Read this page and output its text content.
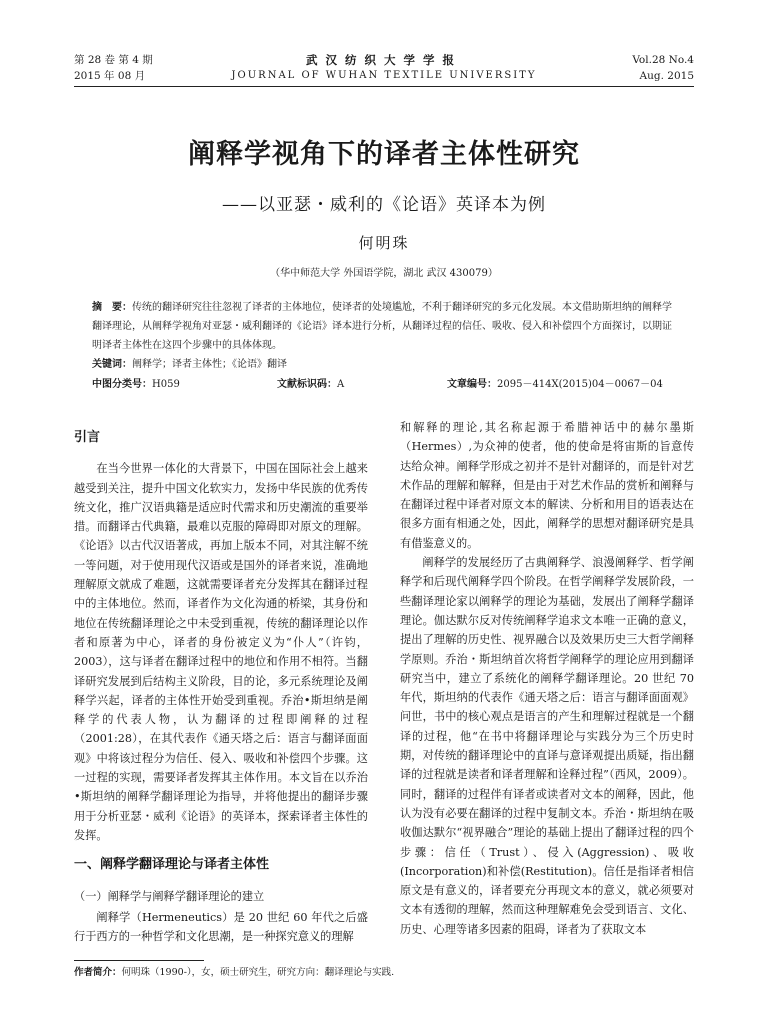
第 28 卷 第 4 期
2015 年 08 月
武汉纺织大学学报
JOURNAL OF WUHAN TEXTILE UNIVERSITY
Vol.28 No.4
Aug. 2015
阐释学视角下的译者主体性研究
——以亚瑟・威利的《论语》英译本为例
何明珠
（华中师范大学 外国语学院，湖北 武汉 430079）
摘　要：传统的翻译研究往往忽视了译者的主体地位，使译者的处境尴尬，不利于翻译研究的多元化发展。本文借助斯坦纳的阐释学翻译理论，从阐释学视角对亚瑟・威利翻译的《论语》译本进行分析，从翻译过程的信任、吸收、侵入和补偿四个方面探讨，以期证明译者主体性在这四个步骤中的具体体现。
关键词：阐释学；译者主体性；《论语》翻译
中图分类号：H059	文献标识码：A	文章编号：2095－414X(2015)04－0067－04
引言

在当今世界一体化的大背景下，中国在国际社会上越来越受到关注，提升中国文化软实力，发扬中华民族的优秀传统文化，推广汉语典籍是适应时代需求和历史潮流的重要举措。而翻译古代典籍，最难以克服的障碍即对原文的理解。《论语》以古代汉语著成，再加上版本不同，对其注解不统一等问题，对于使用现代汉语或是国外的译者来说，准确地理解原文就成了难题，这就需要译者充分发挥其在翻译过程中的主体地位。然而，译者作为文化沟通的桥梁，其身份和地位在传统翻译理论之中未受到重视，传统的翻译理论以作者和原著为中心，译者的身份被定义为“仆人”（许钧，2003），这与译者在翻译过程中的地位和作用不相符。当翻译研究发展到后结构主义阶段，目的论，多元系统理论及阐释学兴起，译者的主体性开始受到重视。乔治•斯坦纳是阐释学的代表人物，认为翻译的过程即阐释的过程（2001:28），在其代表作《通天塔之后：语言与翻译面面观》中将该过程分为信任、侵入、吸收和补偿四个步骤。这一过程的实现，需要译者发挥其主体作用。本文旨在以乔治•斯坦纳的阐释学翻译理论为指导，并将他提出的翻译步骤用于分析亚瑟・威利《论语》的英译本，探索译者主体性的发挥。

一、阐释学翻译理论与译者主体性
（一）阐释学与阐释学翻译理论的建立

阐释学（Hermeneutics）是 20 世纪 60 年代之后盛行于西方的一种哲学和文化思潮，是一种探究意义的理解

和解释的理论,其名称起源于希腊神话中的赫尔墨斯（Hermes）,为众神的使者，他的使命是将宙斯的旨意传达给众神。阐释学形成之初并不是针对翻译的，而是针对艺术作品的理解和解释，但是由于对艺术作品的赏析和阐释与在翻译过程中译者对原文本的解读、分析和用目的语表达在很多方面有相通之处，因此，阐释学的思想对翻译研究是具有借鉴意义的。

阐释学的发展经历了古典阐释学、浪漫阐释学、哲学阐释学和后现代阐释学四个阶段。在哲学阐释学发展阶段，一些翻译理论家以阐释学的理论为基础，发展出了阐释学翻译理论。伽达默尔反对传统阐释学追求文本唯一正确的意义，提出了理解的历史性、视界融合以及效果历史三大哲学阐释学原则。乔治・斯坦纳首次将哲学阐释学的理论应用到翻译研究当中，建立了系统化的阐释学翻译理论。20 世纪 70 年代，斯坦纳的代表作《通天塔之后：语言与翻译面面观》问世，书中的核心观点是语言的产生和理解过程就是一个翻译的过程，他“在书中将翻译理论与实践分为三个历史时期，对传统的翻译理论中的直译与意译观提出质疑，指出翻译的过程就是读者和译者理解和诠释过程”（西风，2009）。同时，翻译的过程伴有译者或读者对文本的阐释，因此，他认为没有必要在翻译的过程中复制文本。乔治・斯坦纳在吸收伽达默尔“视界融合”理论的基础上提出了翻译过程的四个步骤：信任（Trust）、侵入(Aggression)、吸收(Incorporation)和补偿(Restitution)。信任是指译者相信原文是有意义的，译者要充分再现文本的意义，就必须要对文本有透彻的理解，然而这种理解难免会受到语言、文化、历史、心理等诸多因素的阻碍，译者为了获取文本

作者简介：何明珠（1990-），女，硕士研究生，研究方向：翻译理论与实践.
